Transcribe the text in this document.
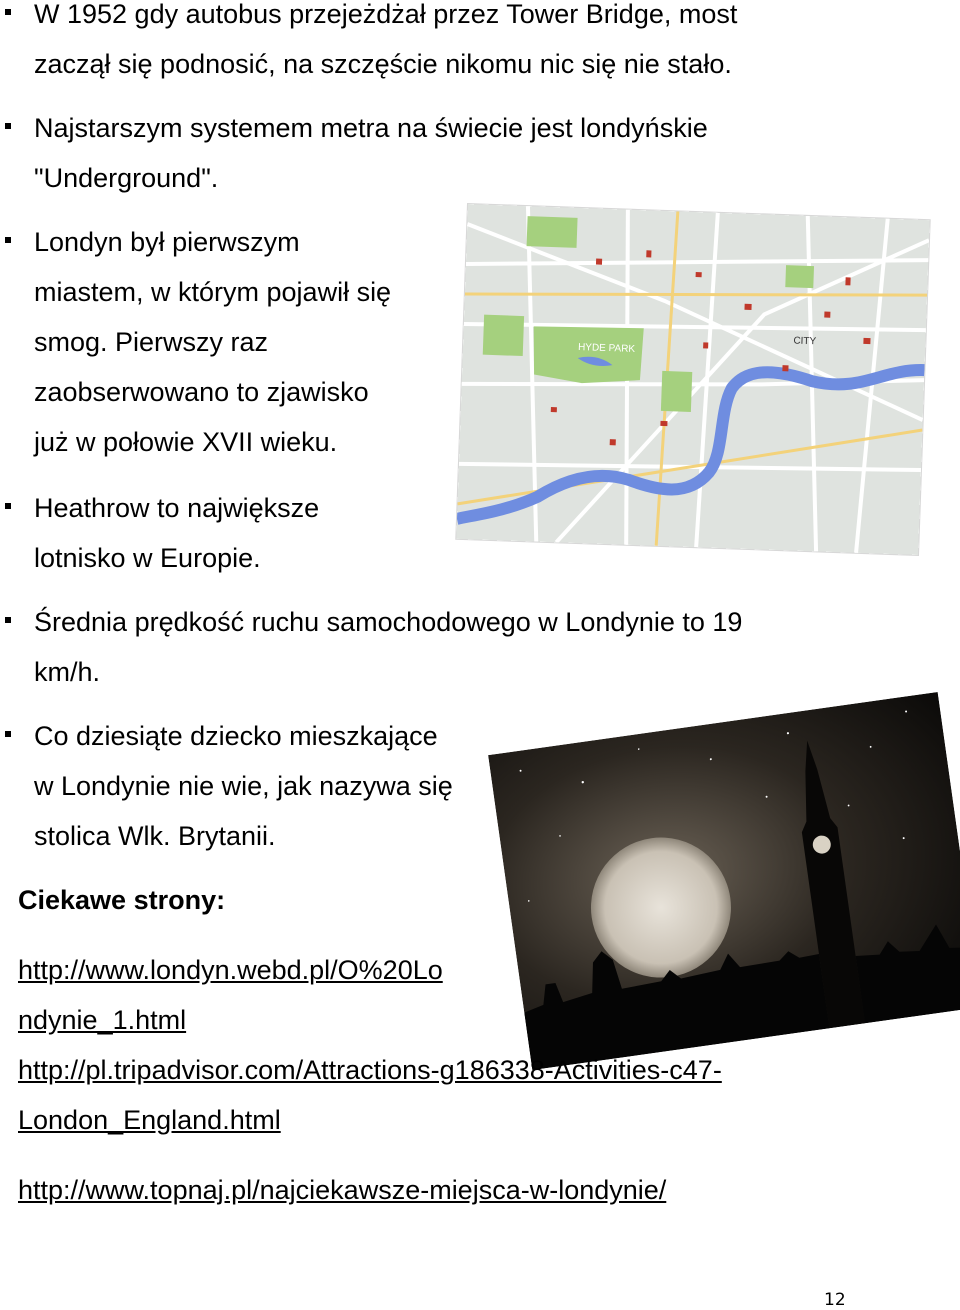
W 1952 gdy autobus przejeżdżał przez Tower Bridge, most
zaczął się podnosić, na szczęście nikomu nic się nie stało.
Najstarszym systemem metra na świecie jest londyńskie
"Underground".
Londyn był pierwszym
miastem, w którym pojawił się
smog. Pierwszy raz
zaobserwowano to zjawisko
już w połowie XVII wieku.
Heathrow to największe
lotnisko w Europie.
Średnia prędkość ruchu samochodowego w Londynie to 19
km/h.
Co dziesiąte dziecko mieszkające
w Londynie nie wie, jak nazywa się
stolica Wlk. Brytanii.
HYDE PARK
CITY
Ciekawe strony:
http://www.londyn.webd.pl/O%20Lo
ndynie_1.html
http://pl.tripadvisor.com/Attractions-g186338-Activities-c47-
London_England.html
http://www.topnaj.pl/najciekawsze-miejsca-w-londynie/
12
